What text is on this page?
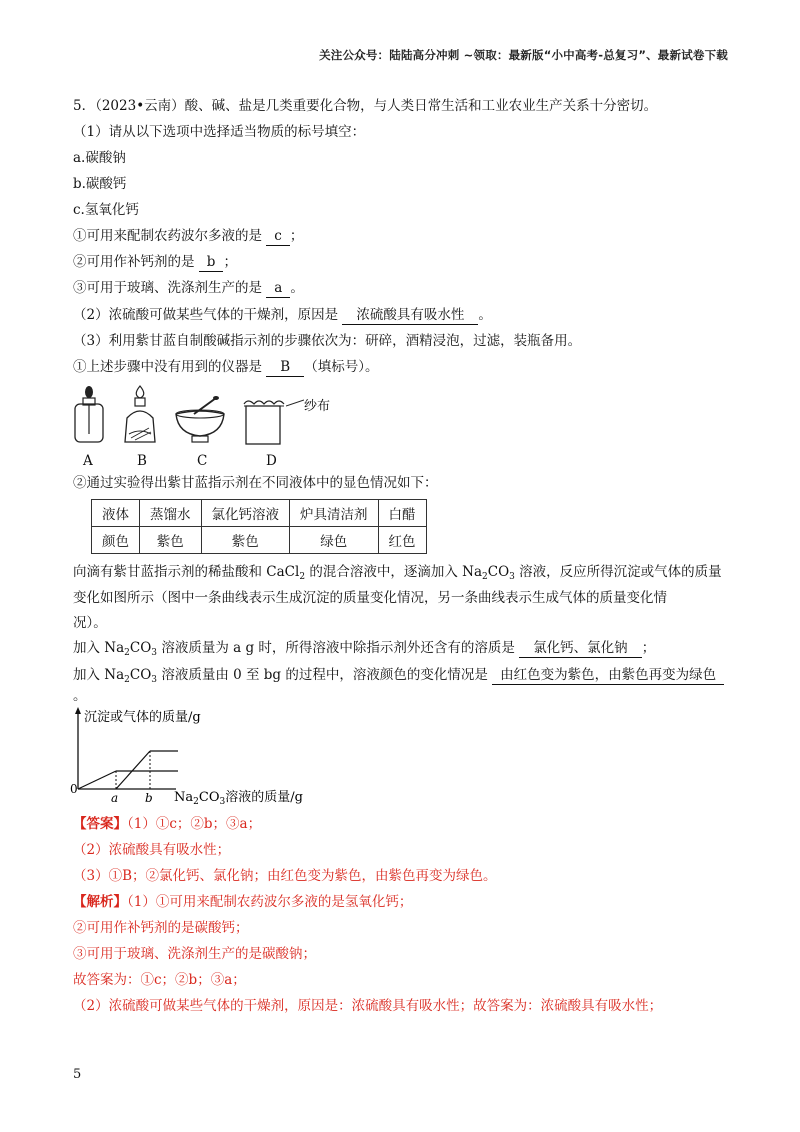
关注公众号：陆陆高分冲刺 ~领取：最新版“小中高考-总复习”、最新试卷下载
5．（2023•云南）酸、碱、盐是几类重要化合物，与人类日常生活和工业农业生产关系十分密切。
（1）请从以下选项中选择适当物质的标号填空：
a.碳酸钠
b.碳酸钙
c.氢氧化钙
①可用来配制农药波尔多液的是 c ；
②可用作补钙剂的是 b ；
③可用于玻璃、洗涤剂生产的是 a 。
（2）浓硫酸可做某些气体的干燥剂，原因是 浓硫酸具有吸水性 。
（3）利用紫甘蓝自制酸碱指示剂的步骤依次为：研碎，酒精浸泡，过滤，装瓶备用。
①上述步骤中没有用到的仪器是 B （填标号）。
纱布
A	B	C	D
②通过实验得出紫甘蓝指示剂在不同液体中的显色情况如下：
液体	蒸馏水	氯化钙溶液	炉具清洁剂	白醋
颜色	紫色	紫色	绿色	红色
向滴有紫甘蓝指示剂的稀盐酸和 CaCl$_2$ 的混合溶液中，逐滴加入 $Na_2CO_3$ 溶液，反应所得沉淀或气体的质量
变化如图所示（图中一条曲线表示生成沉淀的质量变化情况，另一条曲线表示生成气体的质量变化情
况）。
加入 $Na_2CO_3$ 溶液质量为 a g 时，所得溶液中除指示剂外还含有的溶质是 氯化钙、氯化钠 ；
加入 $Na_2CO_3$ 溶液质量由 0 至 bg 的过程中，溶液颜色的变化情况是 由红色变为紫色，由紫色再变为绿色
。
沉淀或气体的质量/g
0
a b $Na_2CO_3$溶液的质量/g
【答案】（1）①c；②b；③a；
（2）浓硫酸具有吸水性；
（3）①B；②氯化钙、氯化钠；由红色变为紫色，由紫色再变为绿色。
【解析】（1）①可用来配制农药波尔多液的是氢氧化钙；
②可用作补钙剂的是碳酸钙；
③可用于玻璃、洗涤剂生产的是碳酸钠；
故答案为：①c；②b；③a；
（2）浓硫酸可做某些气体的干燥剂，原因是：浓硫酸具有吸水性；故答案为：浓硫酸具有吸水性；
5
